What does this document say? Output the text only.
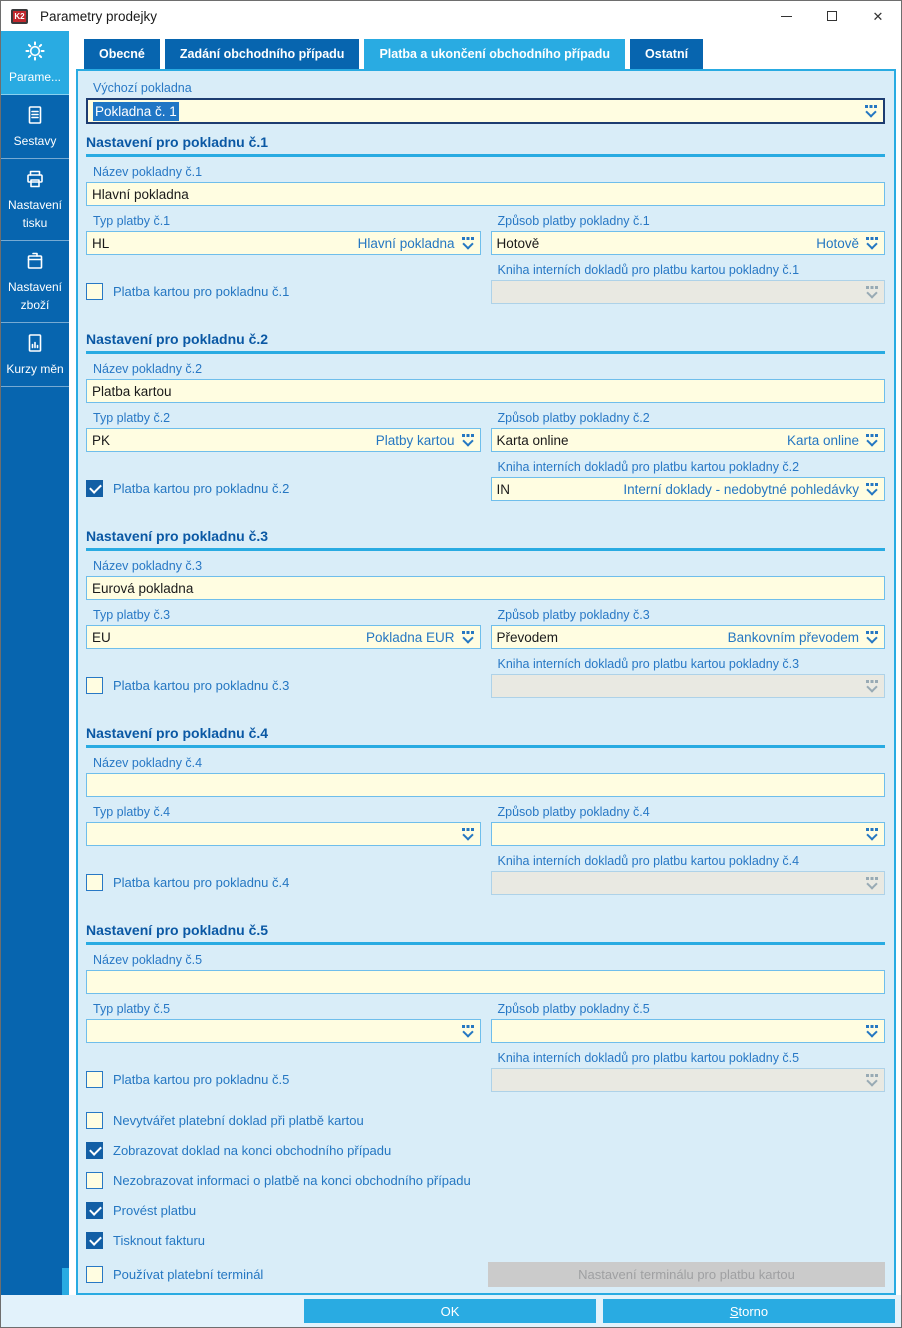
K2 Parametry prodejky	✕
Parame...
Sestavy
Nastavení tisku
Nastavení zboží
Kurzy měn
Obecné	Zadání obchodního případu	Platba a ukončení obchodního případu	Ostatní
Výchozí pokladna
Pokladna č. 1
Nastavení pro pokladnu č.1
Název pokladny č.1
Hlavní pokladna
Typ platby č.1
HL	Hlavní pokladna
Způsob platby pokladny č.1
Hotově	Hotově
Platba kartou pro pokladnu č.1
Kniha interních dokladů pro platbu kartou pokladny č.1
Nastavení pro pokladnu č.2
Název pokladny č.2
Platba kartou
Typ platby č.2
PK	Platby kartou
Způsob platby pokladny č.2
Karta online	Karta online
Platba kartou pro pokladnu č.2
Kniha interních dokladů pro platbu kartou pokladny č.2
IN	Interní doklady - nedobytné pohledávky
Nastavení pro pokladnu č.3
Název pokladny č.3
Eurová pokladna
Typ platby č.3
EU	Pokladna EUR
Způsob platby pokladny č.3
Převodem	Bankovním převodem
Platba kartou pro pokladnu č.3
Kniha interních dokladů pro platbu kartou pokladny č.3
Nastavení pro pokladnu č.4
Název pokladny č.4
Typ platby č.4	Způsob platby pokladny č.4
Platba kartou pro pokladnu č.4
Kniha interních dokladů pro platbu kartou pokladny č.4
Nastavení pro pokladnu č.5
Název pokladny č.5
Typ platby č.5	Způsob platby pokladny č.5
Platba kartou pro pokladnu č.5
Kniha interních dokladů pro platbu kartou pokladny č.5
Nevytvářet platební doklad při platbě kartou
Zobrazovat doklad na konci obchodního případu
Nezobrazovat informaci o platbě na konci obchodního případu
Provést platbu
Tisknout fakturu
Používat platební terminál	Nastavení terminálu pro platbu kartou
OK	Storno
